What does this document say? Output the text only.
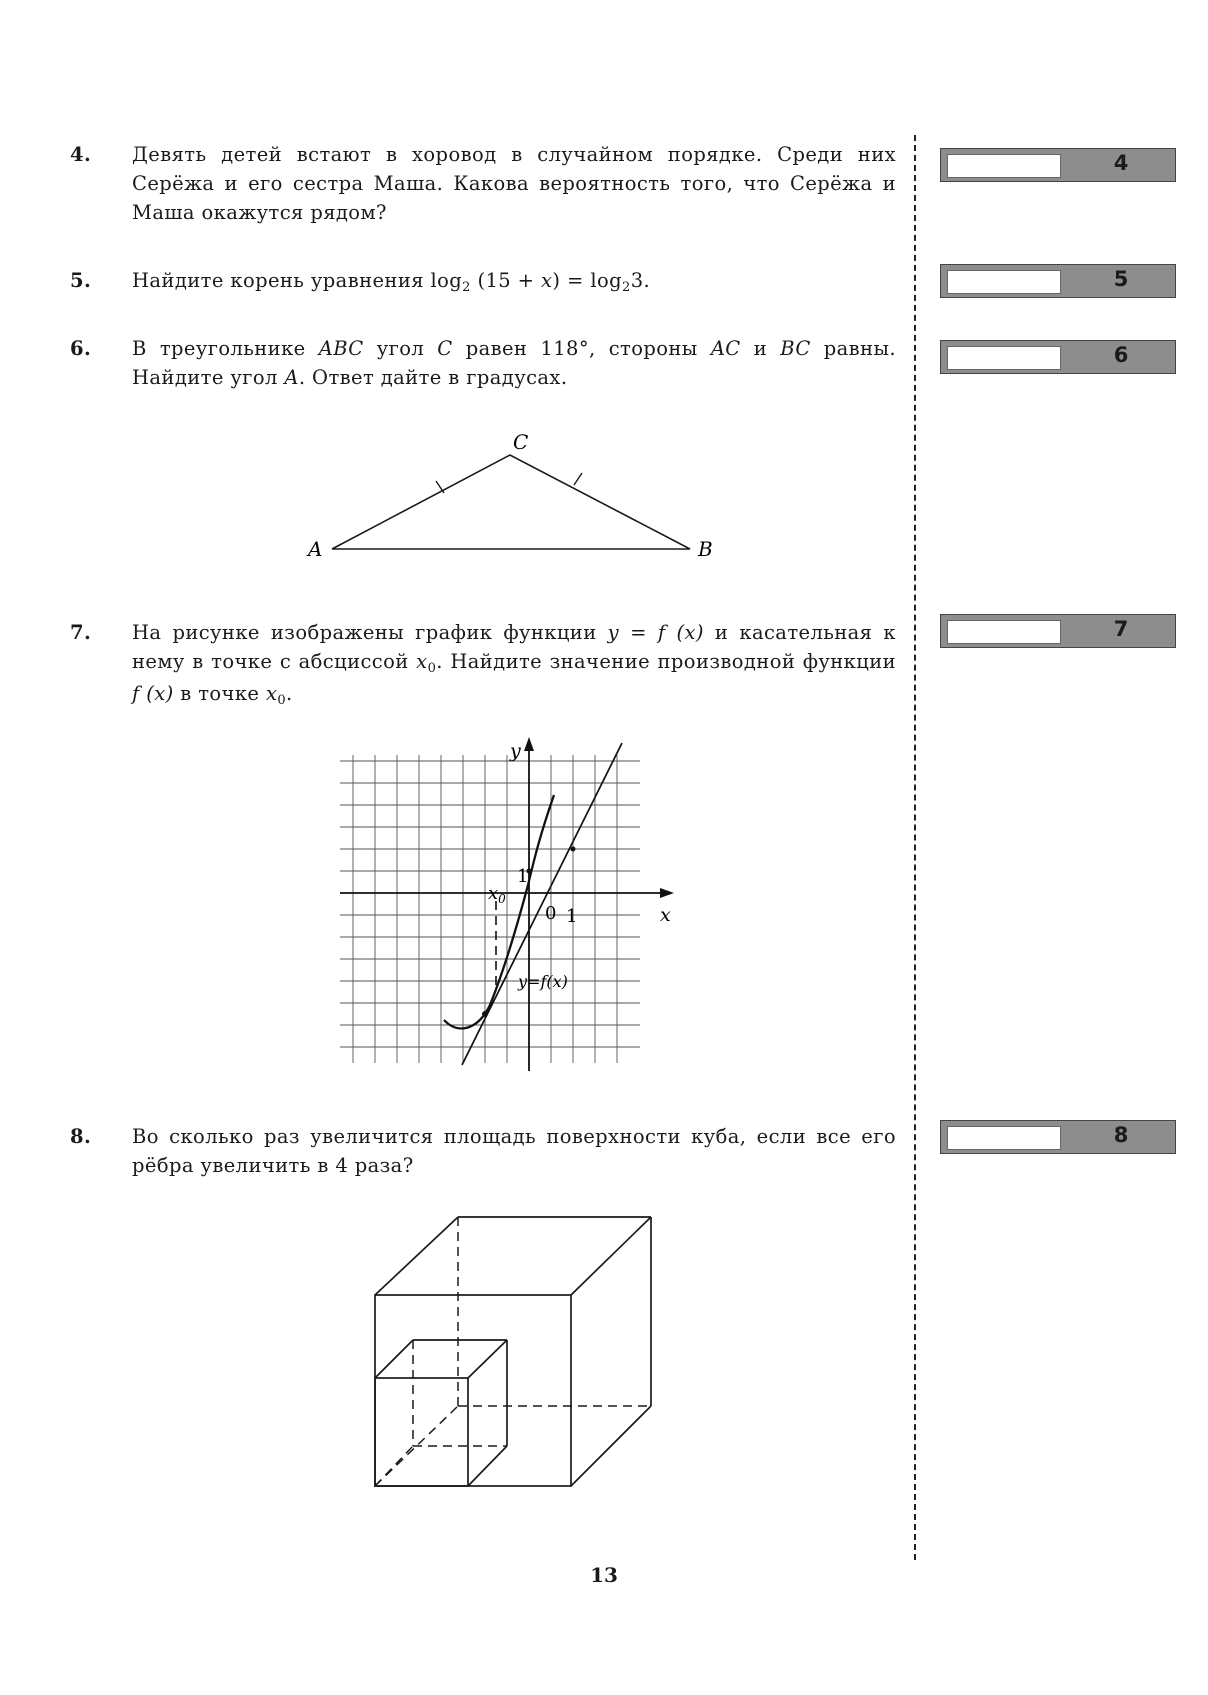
4. Девять детей встают в хоровод в случайном порядке. Среди них Серёжа и его сестра Маша. Какова вероятность того, что Серёжа и Маша окажутся рядом?
4
5. Найдите корень уравнения $\log_2 (15 + x) = \log_23$.	5
6. В треугольнике ABC угол C равен 118°, стороны AC и BC равны. Найдите угол A. Ответ дайте в градусах.
6
A	B
C
7. На рисунке изображены график функции y = f (x) и касательная к нему в точке с абсциссой $x_0$. Найдите значение производной функции f (x) в точке $x_0$.
7
y
x
1
1
0
$x_0$
y=f(x)
8. Во сколько раз увеличится площадь поверхности куба, если все его рёбра увеличить в 4 раза?
8
13
